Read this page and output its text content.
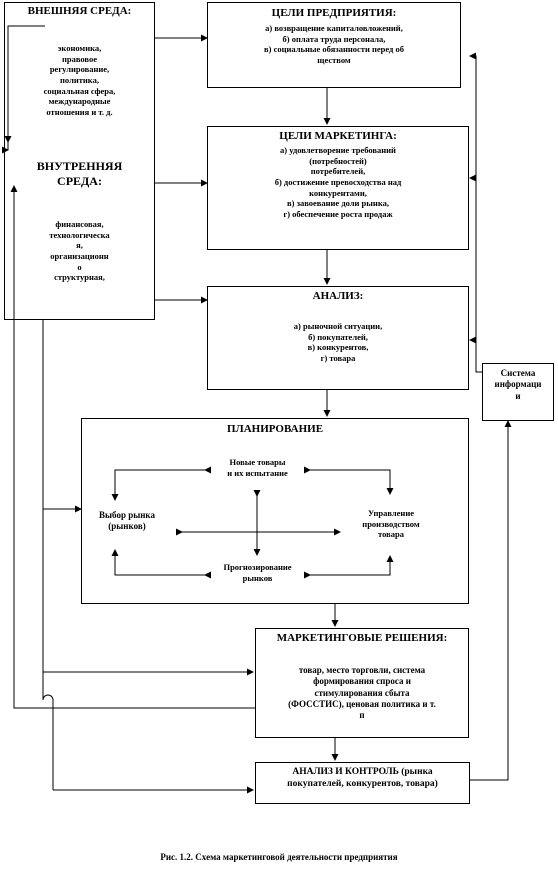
ВНЕШНЯЯ СРЕДА:
экономика,
правовое
регулирование,
политика,
социальная сфера,
международные
отношения и т. д.
ВНУТРЕННЯЯ
СРЕДА:
финансовая,
технологическа
я,
организационн
о
структурная,
ЦЕЛИ ПРЕДПРИЯТИЯ:
а) возвращение капиталовложений,
б) оплата труда персонала,
в) социальные обязанности перед об
ществом
ЦЕЛИ МАРКЕТИНГА:
а) удовлетворение требований
(потребностей)
потребителей,
б) достижение превосходства над
конкурентами,
в) завоевание доли рынка,
г) обеспечение роста продаж
АНАЛИЗ:
а) рыночной ситуации,
б) покупателей,
в) конкурентов,
г) товара
Система
информаци
и
ПЛАНИРОВАНИЕ
Новые товары
и их испытание
Выбор рынка
(рынков)
Управление
производством
товара
Прогнозирование
рынков
МАРКЕТИНГОВЫЕ РЕШЕНИЯ:
товар, место торговли, система
формирования спроса и
стимулирования сбыта
(ФОССТИС), ценовая политика и т.
п
АНАЛИЗ И КОНТРОЛЬ (рынка
покупателей, конкурентов, товара)
Рис. 1.2. Схема маркетинговой деятельности предприятия
